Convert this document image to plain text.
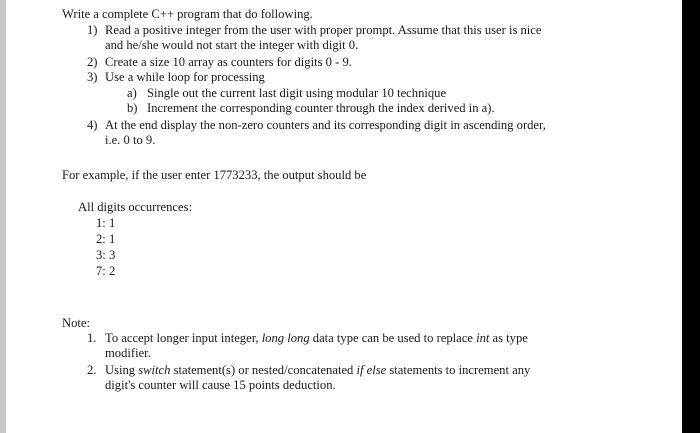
Write a complete C++ program that do following.
1) Read a positive integer from the user with proper prompt. Assume that this user is nice
and he/she would not start the integer with digit 0.
2) Create a size 10 array as counters for digits 0 - 9.
3) Use a while loop for processing
a) Single out the current last digit using modular 10 technique
b) Increment the corresponding counter through the index derived in a).
4) At the end display the non-zero counters and its corresponding digit in ascending order,
i.e. 0 to 9.
For example, if the user enter 1773233, the output should be
All digits occurrences:
1: 1
2: 1
3: 3
7: 2
Note:
1. To accept longer input integer, long long data type can be used to replace int as type
modifier.
2. Using switch statement(s) or nested/concatenated if else statements to increment any
digit's counter will cause 15 points deduction.
